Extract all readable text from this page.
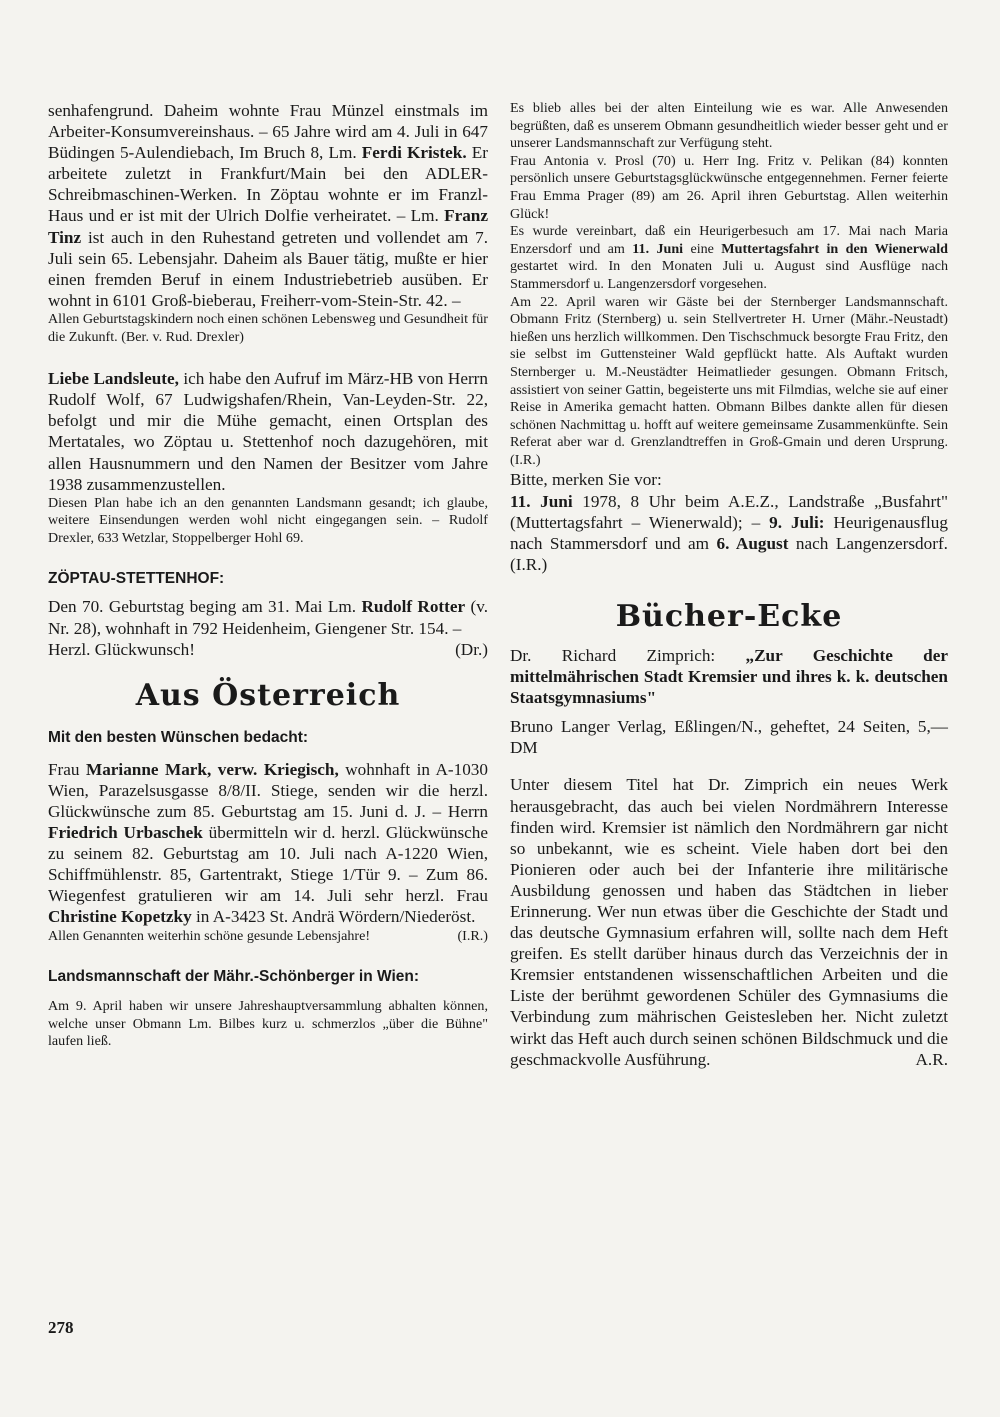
senhafengrund. Daheim wohnte Frau Münzel einstmals im Arbeiter-Konsumvereinshaus. – 65 Jahre wird am 4. Juli in 647 Büdingen 5-Aulendiebach, Im Bruch 8, Lm. Ferdi Kristek. Er arbeitete zuletzt in Frankfurt/Main bei den ADLER-Schreibmaschinen-Werken. In Zöptau wohnte er im Franzl-Haus und er ist mit der Ulrich Dolfie verheiratet. – Lm. Franz Tinz ist auch in den Ruhestand getreten und vollendet am 7. Juli sein 65. Lebensjahr. Daheim als Bauer tätig, mußte er hier einen fremden Beruf in einem Industriebetrieb ausüben. Er wohnt in 6101 Groß-bieberau, Freiherr-vom-Stein-Str. 42. –

Allen Geburtstagskindern noch einen schönen Lebensweg und Gesundheit für die Zukunft. (Ber. v. Rud. Drexler)

Liebe Landsleute, ich habe den Aufruf im März-HB von Herrn Rudolf Wolf, 67 Ludwigshafen/Rhein, Van-Leyden-Str. 22, befolgt und mir die Mühe gemacht, einen Ortsplan des Mertatales, wo Zöptau u. Stettenhof noch dazugehören, mit allen Hausnummern und den Namen der Besitzer vom Jahre 1938 zusammenzustellen.

Diesen Plan habe ich an den genannten Landsmann gesandt; ich glaube, weitere Einsendungen werden wohl nicht eingegangen sein. – Rudolf Drexler, 633 Wetzlar, Stoppelberger Hohl 69.

ZÖPTAU-STETTENHOF:

Den 70. Geburtstag beging am 31. Mai Lm. Rudolf Rotter (v. Nr. 28), wohnhaft in 792 Heidenheim, Giengener Str. 154. –

Herzl. Glückwunsch!	(Dr.)
Aus Österreich

Mit den besten Wünschen bedacht:

Frau Marianne Mark, verw. Kriegisch, wohnhaft in A-1030 Wien, Parazelsusgasse 8/8/II. Stiege, senden wir die herzl. Glückwünsche zum 85. Geburtstag am 15. Juni d. J. – Herrn Friedrich Urbaschek übermitteln wir d. herzl. Glückwünsche zu seinem 82. Geburtstag am 10. Juli nach A-1220 Wien, Schiffmühlenstr. 85, Gartentrakt, Stiege 1/Tür 9. – Zum 86. Wiegenfest gratulieren wir am 14. Juli sehr herzl. Frau Christine Kopetzky in A-3423 St. Andrä Wördern/Niederöst.

Allen Genannten weiterhin schöne gesunde Lebensjahre!	(I.R.)

Landsmannschaft der Mähr.-Schönberger in Wien:

Am 9. April haben wir unsere Jahreshauptversammlung abhalten können, welche unser Obmann Lm. Bilbes kurz u. schmerzlos „über die Bühne" laufen ließ.

Es blieb alles bei der alten Einteilung wie es war. Alle Anwesenden begrüßten, daß es unserem Obmann gesundheitlich wieder besser geht und er unserer Landsmannschaft zur Verfügung steht.

Frau Antonia v. Prosl (70) u. Herr Ing. Fritz v. Pelikan (84) konnten persönlich unsere Geburtstagsglückwünsche entgegennehmen. Ferner feierte Frau Emma Prager (89) am 26. April ihren Geburtstag. Allen weiterhin Glück!

Es wurde vereinbart, daß ein Heurigerbesuch am 17. Mai nach Maria Enzersdorf und am 11. Juni eine Muttertagsfahrt in den Wienerwald gestartet wird. In den Monaten Juli u. August sind Ausflüge nach Stammersdorf u. Langenzersdorf vorgesehen.

Am 22. April waren wir Gäste bei der Sternberger Landsmannschaft. Obmann Fritz (Sternberg) u. sein Stellvertreter H. Urner (Mähr.-Neustadt) hießen uns herzlich willkommen. Den Tischschmuck besorgte Frau Fritz, den sie selbst im Guttensteiner Wald gepflückt hatte. Als Auftakt wurden Sternberger u. M.-Neustädter Heimatlieder gesungen. Obmann Fritsch, assistiert von seiner Gattin, begeisterte uns mit Filmdias, welche sie auf einer Reise in Amerika gemacht hatten. Obmann Bilbes dankte allen für diesen schönen Nachmittag u. hofft auf weitere gemeinsame Zusammenkünfte. Sein Referat aber war d. Grenzlandtreffen in Groß-Gmain und deren Ursprung. (I.R.)

Bitte, merken Sie vor:

11. Juni 1978, 8 Uhr beim A.E.Z., Landstraße „Busfahrt" (Muttertagsfahrt – Wienerwald); – 9. Juli: Heurigenausflug nach Stammersdorf und am 6. August nach Langenzersdorf. (I.R.)

Bücher-Ecke

Dr. Richard Zimprich: „Zur Geschichte der mittelmährischen Stadt Kremsier und ihres k. k. deutschen Staatsgymnasiums"

Bruno Langer Verlag, Eßlingen/N., geheftet, 24 Seiten, 5,— DM

Unter diesem Titel hat Dr. Zimprich ein neues Werk herausgebracht, das auch bei vielen Nordmährern Interesse finden wird. Kremsier ist nämlich den Nordmährern gar nicht so unbekannt, wie es scheint. Viele haben dort bei den Pionieren oder auch bei der Infanterie ihre militärische Ausbildung genossen und haben das Städtchen in lieber Erinnerung. Wer nun etwas über die Geschichte der Stadt und das deutsche Gymnasium erfahren will, sollte nach dem Heft greifen. Es stellt darüber hinaus durch das Verzeichnis der in Kremsier entstandenen wissenschaftlichen Arbeiten und die Liste der berühmt gewordenen Schüler des Gymnasiums die Verbindung zum mährischen Geistesleben her. Nicht zuletzt wirkt das Heft auch durch seinen schönen Bildschmuck und die geschmackvolle Ausführung.	A.R.

278
